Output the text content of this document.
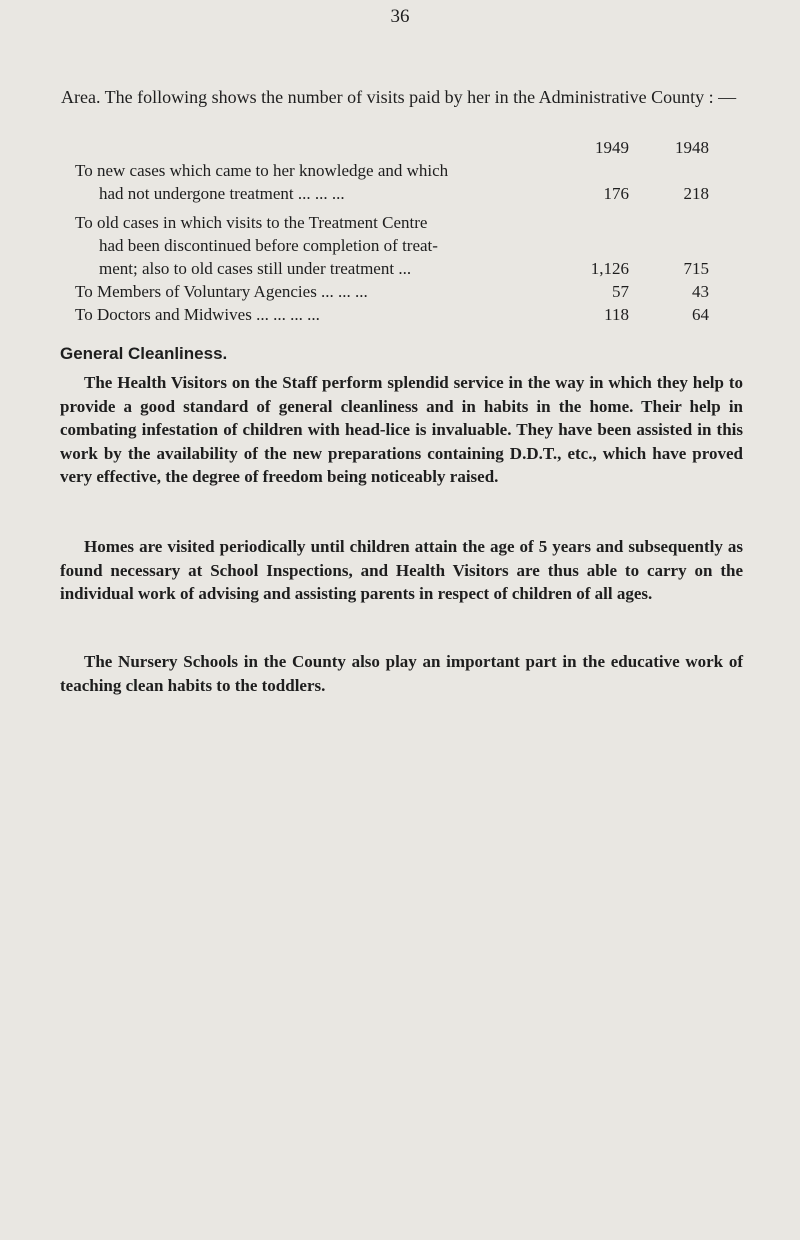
36

Area. The following shows the number of visits paid by her in the Administrative County : —

1949	1948
To new cases which came to her knowledge and which
had not undergone treatment ... ... ...	176	218
To old cases in which visits to the Treatment Centre
had been discontinued before completion of treat-
ment; also to old cases still under treatment ...	1,126	715
To Members of Voluntary Agencies ... ... ...	57	43
To Doctors and Midwives ... ... ... ...	118	64
General Cleanliness.

The Health Visitors on the Staff perform splendid service in the way in which they help to provide a good standard of general cleanliness and in habits in the home. Their help in combating infestation of children with head-lice is invaluable. They have been assisted in this work by the availability of the new preparations containing D.D.T., etc., which have proved very effective, the degree of freedom being noticeably raised.

Homes are visited periodically until children attain the age of 5 years and subsequently as found necessary at School Inspections, and Health Visitors are thus able to carry on the individual work of advising and assisting parents in respect of children of all ages.

The Nursery Schools in the County also play an important part in the educative work of teaching clean habits to the toddlers.
